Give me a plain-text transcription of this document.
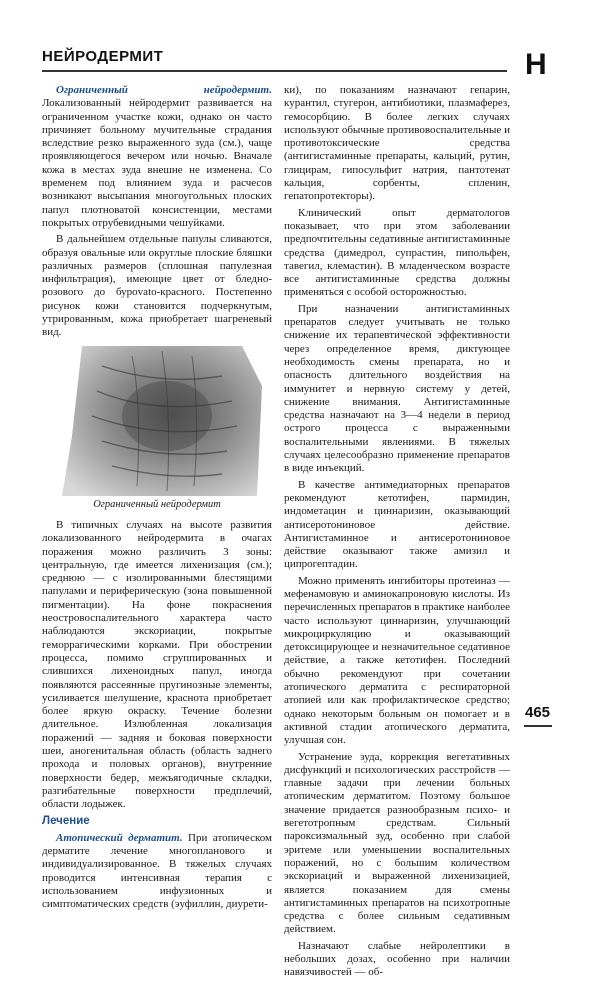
НЕЙРОДЕРМИТ	Н

Ограниченный нейродермит. Локализованный нейродермит развивается на ограниченном участке кожи, однако он часто причиняет больному мучительные страдания вследствие резко выраженного зуда (см.), чаще проявляющегося вечером или ночью. Вначале кожа в местах зуда внешне не изменена. Со временем под влиянием зуда и расчесов возникают высыпания многоугольных плоских папул плотноватой консистенции, местами покрытых отрубевидными чешуйками.

В дальнейшем отдельные папулы сливаются, образуя овальные или округлые плоские бляшки различных размеров (сплошная папулезная инфильтрация), имеющие цвет от бледно-розового до бурovato-красного. Постепенно рисунок кожи становится подчеркнутым, утрированным, кожа приобретает шагреневый вид.

Ограниченный нейродермит

В типичных случаях на высоте развития локализованного нейродермита в очагах поражения можно различить 3 зоны: центральную, где имеется лихенизация (см.); среднюю — с изолированными блестящими папулами и периферическую (зона повышенной пигментации). На фоне покраснения неостровоспалительного характера часто наблюдаются экскориации, покрытые геморрагическими корками. При обострении процесса, помимо сгруппированных и слившихся лихеноидных папул, иногда появляются рассеянные пругинозные элементы, усиливается шелушение, краснота приобретает более яркую окраску. Течение болезни длительное. Излюбленная локализация поражений — задняя и боковая поверхности шеи, аногенитальная область (область заднего прохода и половых органов), внутренние поверхности бедер, межъягодичные складки, разгибательные поверхности предплечий, области лодыжек.

Лечение

Атопический дерматит. При атопическом дерматите лечение многопланового и индивидуализированное. В тяжелых случаях проводится интенсивная терапия с использованием инфузионных и симптоматических средств (эуфиллин, диурети-

ки), по показаниям назначают гепарин, курантил, стугерон, антибиотики, плазмаферез, гемосорбцию. В более легких случаях используют обычные противовоспалительные и противотоксические средства (антигистаминные препараты, кальций, рутин, глицирам, гипосульфит натрия, пантотенат кальция, сорбенты, спленин, гепатопротекторы).

Клинический опыт дерматологов показывает, что при этом заболевании предпочтительны седативные антигистаминные средства (димедрол, супрастин, пипольфен, тавегил, клемастин). В младенческом возрасте все антигистаминные средства должны применяться с особой осторожностью.

При назначении антигистаминных препаратов следует учитывать не только снижение их терапевтической эффективности через определенное время, диктующее необходимость смены препарата, но и опасность длительного воздействия на иммунитет и нервную систему у детей, снижение внимания. Антигистаминные средства назначают на 3—4 недели в период острого процесса с выраженными воспалительными явлениями. В тяжелых случаях целесообразно применение препаратов в виде инъекций.

В качестве антимедиаторных препаратов рекомендуют кетотифен, пармидин, индометацин и циннаризин, оказывающий антисеротониновое действие. Антигистаминное и антисеротониновое действие оказывают также амизил и ципрогептадин.

Можно применять ингибиторы протеиназ — мефенамовую и аминокапроновую кислоты. Из перечисленных препаратов в практике наиболее часто используют циннаризин, улучшающий микроциркуляцию и оказывающий детоксицирующее и незначительное седативное действие, а также кетотифен. Последний обычно рекомендуют при сочетании атопического дерматита с респираторной атопией или как профилактическое средство; однако некоторым больным он помогает и в активной стадии атопического дерматита, улучшая сон.

Устранение зуда, коррекция вегетативных дисфункций и психологических расстройств — главные задачи при лечении больных атопическим дерматитом. Поэтому большое значение придается разнообразным психо- и вегетотропным средствам. Сильный пароксизмальный зуд, особенно при слабой эритеме или уменьшении воспалительных поражений, но с большим количеством экскориаций и выраженной лихенизацией, является показанием для смены антигистаминных препаратов на психотропные средства с более сильным седативным действием.

Назначают слабые нейролептики в небольших дозах, особенно при наличии навязчивостей — об-

465
